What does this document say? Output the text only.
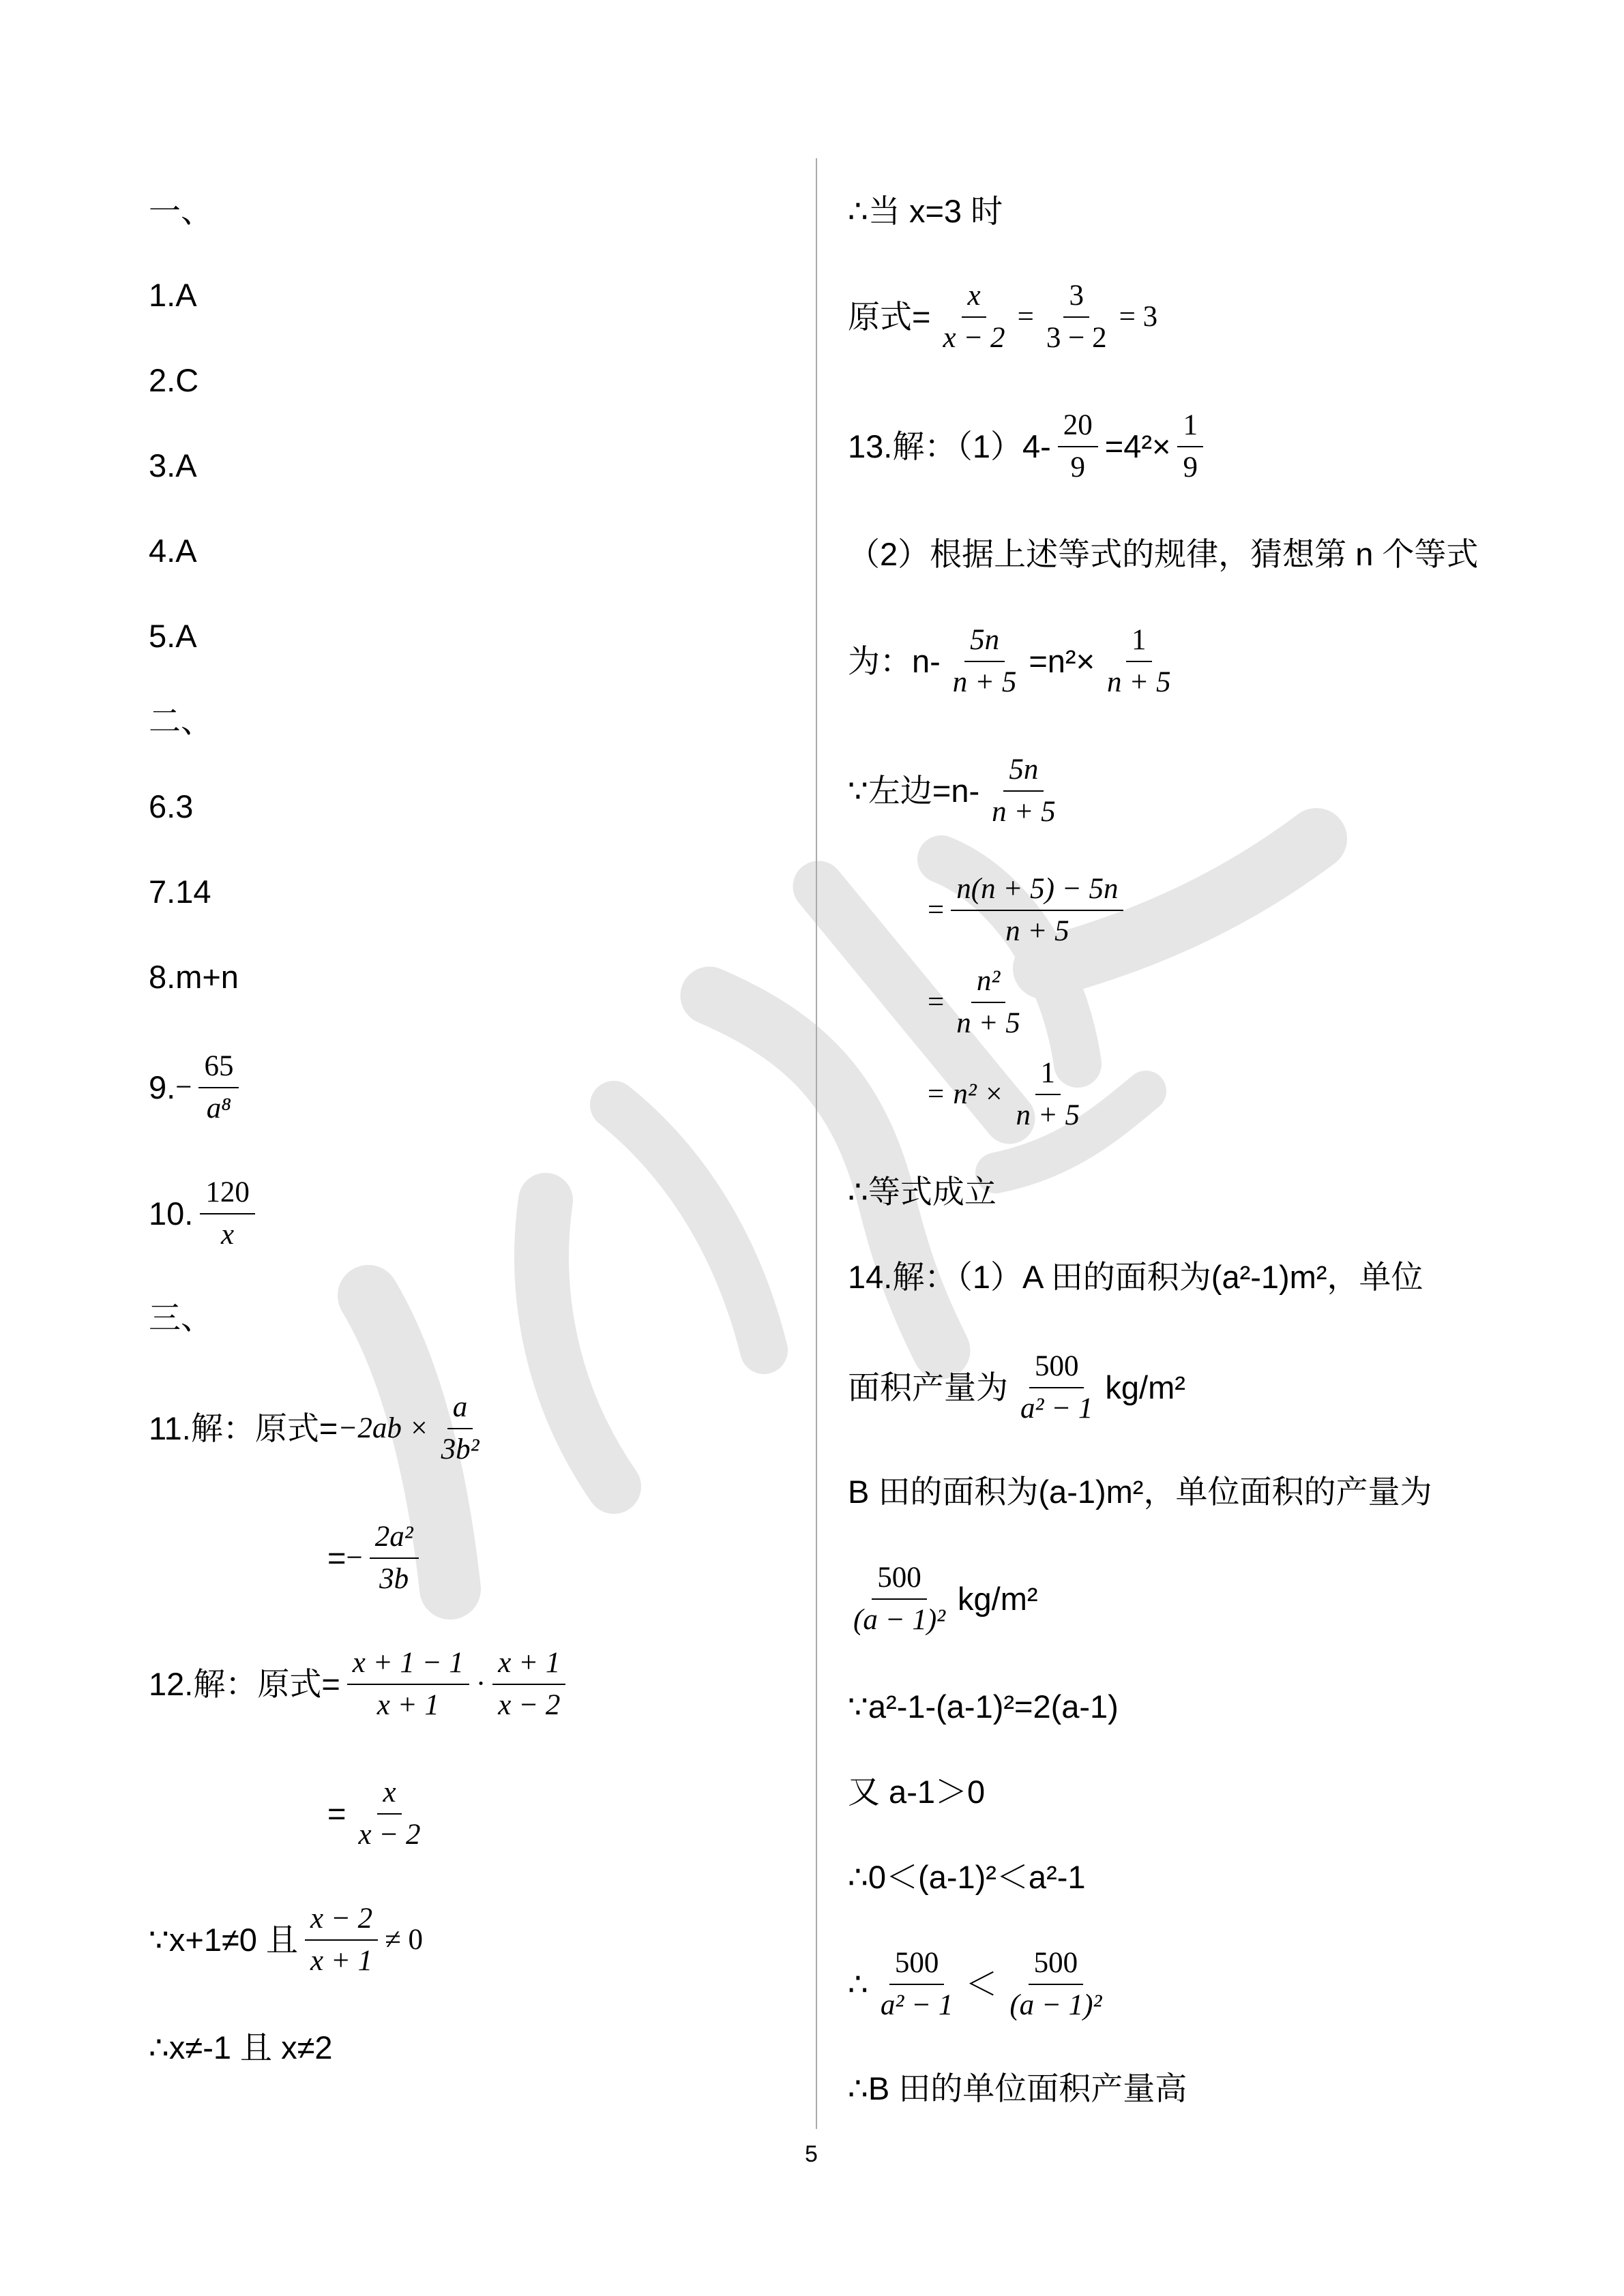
一、
1.A
2.C
3.A
4.A
5.A
二、
6.3
7.14
8.m+n
9. − $\frac{65}{\text{a⁸}}$
10. $\frac{120}{x}$
三、
11.解：原式= $-2ab \times \frac{a}{\text{3b²}}$
= − $\frac{\text{2a²}}{3b}$
12.解：原式= $\frac{x + 1 - 1}{x + 1} \cdot \frac{x + 1}{x - 2}$
= $\frac{x}{x - 2}$
∵x+1≠0 且 $\frac{x - 2}{x + 1} \ne 0$
∴x≠-1 且 x≠2
∴当 x=3 时
原式= $\frac{x}{x - 2} = \frac{3}{3 - 2} = 3$
13.解：$(1)4- \frac{20}{9} =4^2\times \frac{1}{9}$
（2）根据上述等式的规律，猜想第 n 个等式
为：$n- \frac{5n}{n + 5} =n^2\times \frac{1}{n + 5}$
∵左边$=n- \frac{5n}{n + 5}$
= $\frac{n(n + 5) - 5n}{n + 5}$
= $\frac{\text{n²}}{n + 5}$
=
$n^2 \times \frac{1}{n + 5}$
∴等式成立
14.解：（1）A 田的面积为(a²-1)m²，单位
面积产量为 $\frac{500}{\text{a² − 1}} kg/m^2$
B 田的面积为(a-1)m²，单位面积的产量为
$\frac{500}{\text{(a − 1)²}} kg/m^2$
∵a²-1-(a-1)²=2(a-1)
又 a-1＞0
∴0＜(a-1)²＜a²-1
∴ $\frac{500}{\text{a² − 1}} < \frac{500}{\text{(a − 1)²}}$
∴B 田的单位面积产量高
5
